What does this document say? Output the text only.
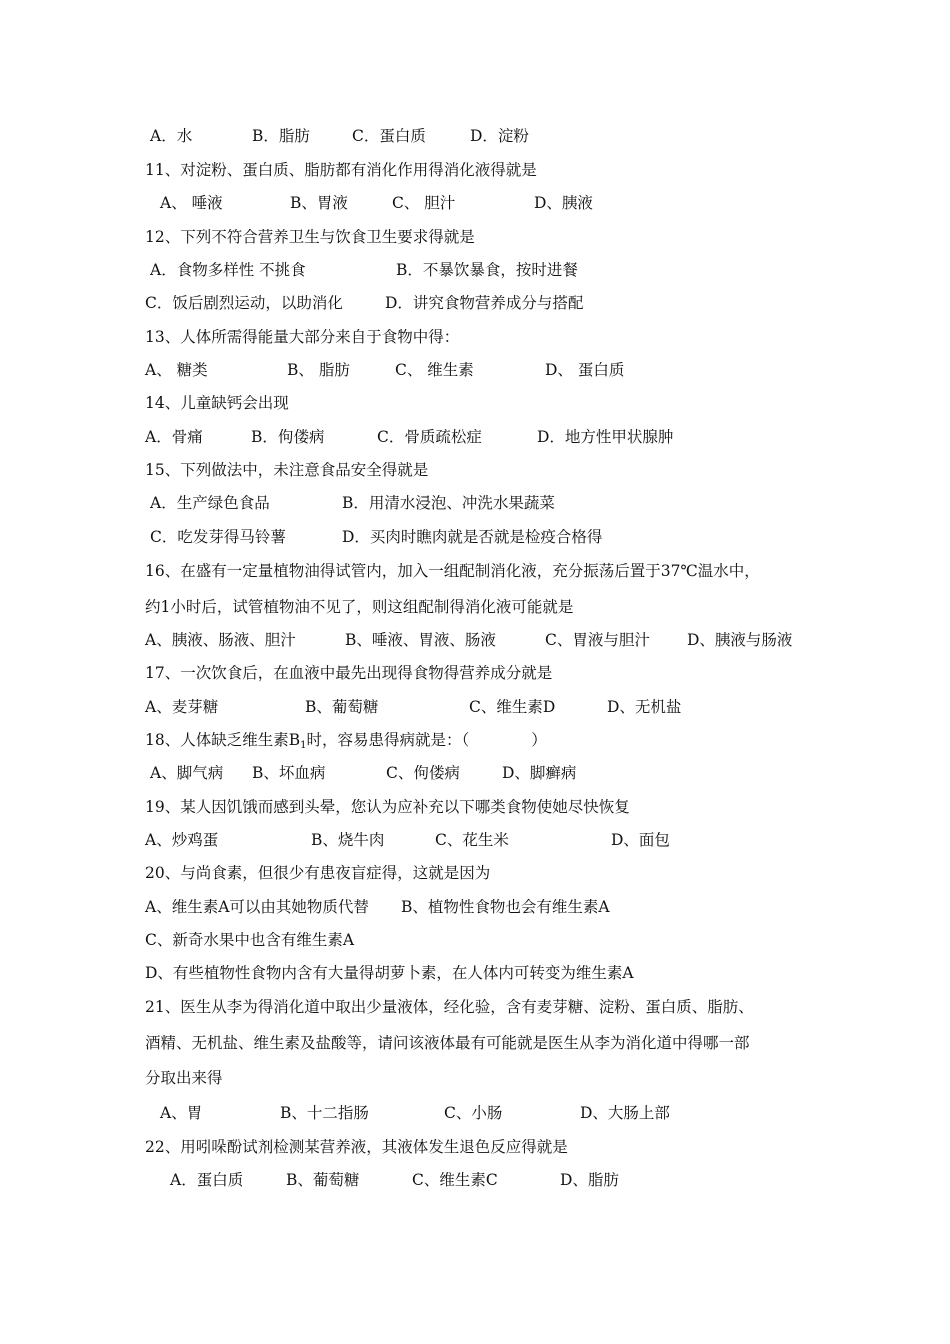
A．水	B．脂肪	C．蛋白质	D．淀粉
11、对淀粉、蛋白质、脂肪都有消化作用得消化液得就是
A、 唾液	B、胃液	C、 胆汁	D、胰液
12、下列不符合营养卫生与饮食卫生要求得就是
A．食物多样性 不挑食	B．不暴饮暴食，按时进餐
C．饭后剧烈运动，以助消化	D．讲究食物营养成分与搭配
13、人体所需得能量大部分来自于食物中得：
A、 糖类	B、 脂肪	C、 维生素	D、 蛋白质
14、儿童缺钙会出现
A．骨痛	B．佝偻病	C．骨质疏松症	D．地方性甲状腺肿
15、下列做法中，未注意食品安全得就是
A．生产绿色食品	B．用清水浸泡、冲洗水果蔬菜
C．吃发芽得马铃薯	D．买肉时瞧肉就是否就是检疫合格得
16、在盛有一定量植物油得试管内，加入一组配制消化液，充分振荡后置于37℃温水中，
约1小时后，试管植物油不见了，则这组配制得消化液可能就是
A、胰液、肠液、胆汁	B、唾液、胃液、肠液	C、胃液与胆汁 D、胰液与肠液
17、一次饮食后，在血液中最先出现得食物得营养成分就是
A、麦芽糖	B、葡萄糖	C、维生素D	D、无机盐
18、人体缺乏维生素$B_1$时，容易患得病就是：（　　　　）
A、脚气病 B、坏血病	C、佝偻病	D、脚癣病
19、某人因饥饿而感到头晕，您认为应补充以下哪类食物使她尽快恢复
A、炒鸡蛋	B、烧牛肉	C、花生米	D、面包
20、与尚食素，但很少有患夜盲症得，这就是因为
A、维生素A可以由其她物质代替 B、植物性食物也会有维生素A
C、新奇水果中也含有维生素A
D、有些植物性食物内含有大量得胡萝卜素，在人体内可转变为维生素A
21、医生从李为得消化道中取出少量液体，经化验，含有麦芽糖、淀粉、蛋白质、脂肪、
酒精、无机盐、维生素及盐酸等，请问该液体最有可能就是医生从李为消化道中得哪一部
分取出来得
A、胃	B、十二指肠	C、小肠	D、大肠上部
22、用吲哚酚试剂检测某营养液，其液体发生退色反应得就是
A．蛋白质	B、葡萄糖	C、维生素C	D、脂肪
